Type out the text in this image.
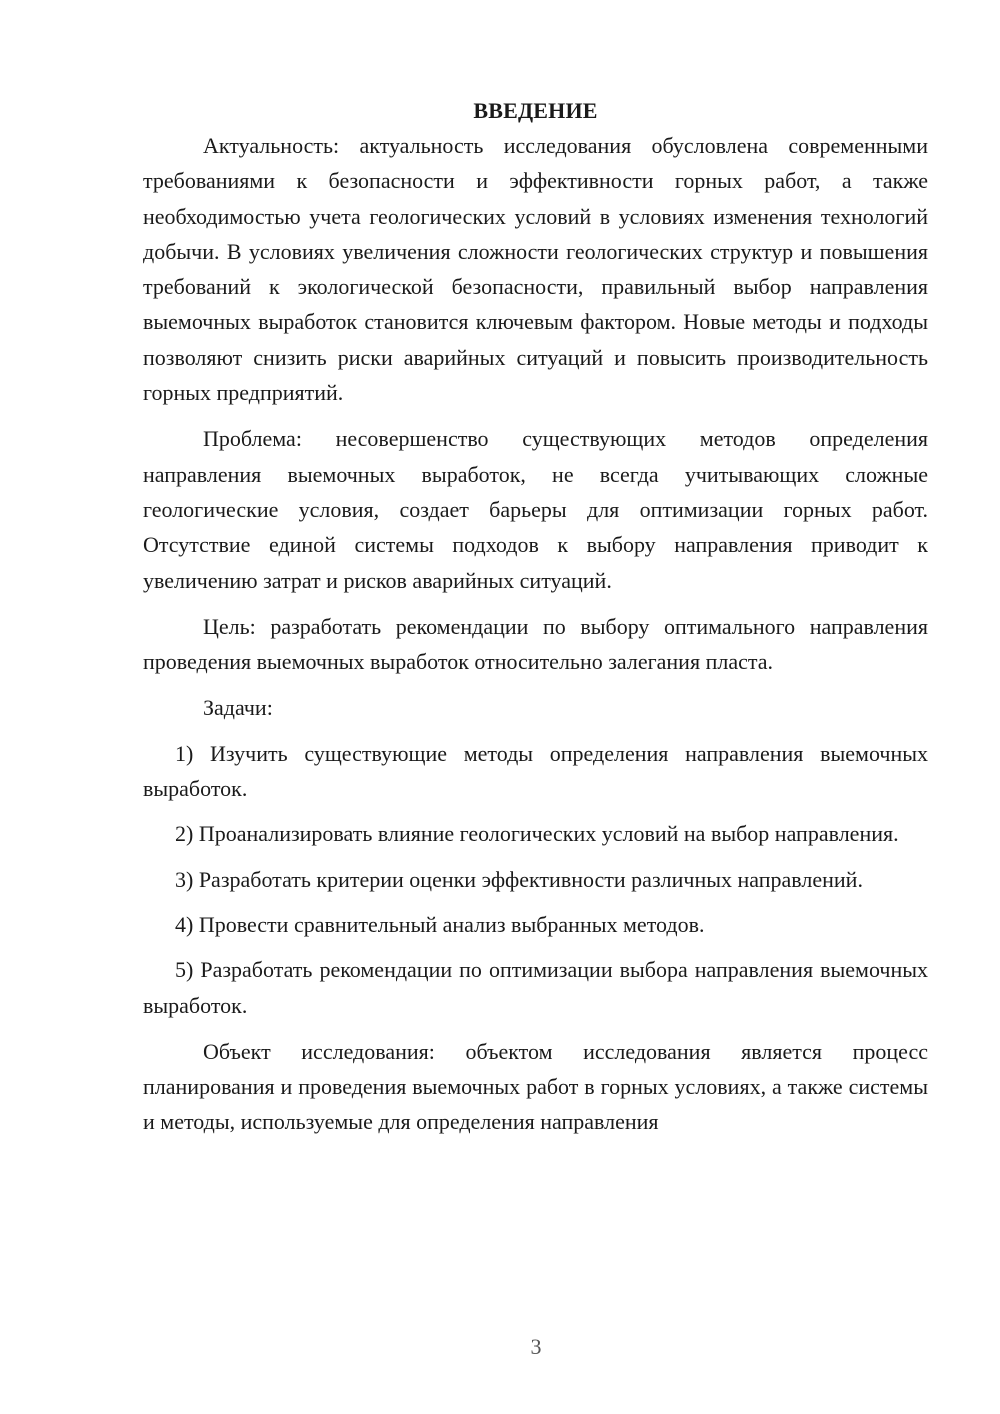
ВВЕДЕНИЕ

Актуальность: актуальность исследования обусловлена современными требованиями к безопасности и эффективности горных работ, а также необходимостью учета геологических условий в условиях изменения технологий добычи. В условиях увеличения сложности геологических структур и повышения требований к экологической безопасности, правильный выбор направления выемочных выработок становится ключевым фактором. Новые методы и подходы позволяют снизить риски аварийных ситуаций и повысить производительность горных предприятий.

Проблема: несовершенство существующих методов определения направления выемочных выработок, не всегда учитывающих сложные геологические условия, создает барьеры для оптимизации горных работ. Отсутствие единой системы подходов к выбору направления приводит к увеличению затрат и рисков аварийных ситуаций.

Цель: разработать рекомендации по выбору оптимального направления проведения выемочных выработок относительно залегания пласта.

Задачи:

1) Изучить существующие методы определения направления выемочных выработок.

2) Проанализировать влияние геологических условий на выбор направления.

3) Разработать критерии оценки эффективности различных направлений.

4) Провести сравнительный анализ выбранных методов.

5) Разработать рекомендации по оптимизации выбора направления выемочных выработок.

Объект исследования: объектом исследования является процесс планирования и проведения выемочных работ в горных условиях, а также системы и методы, используемые для определения направления

3
